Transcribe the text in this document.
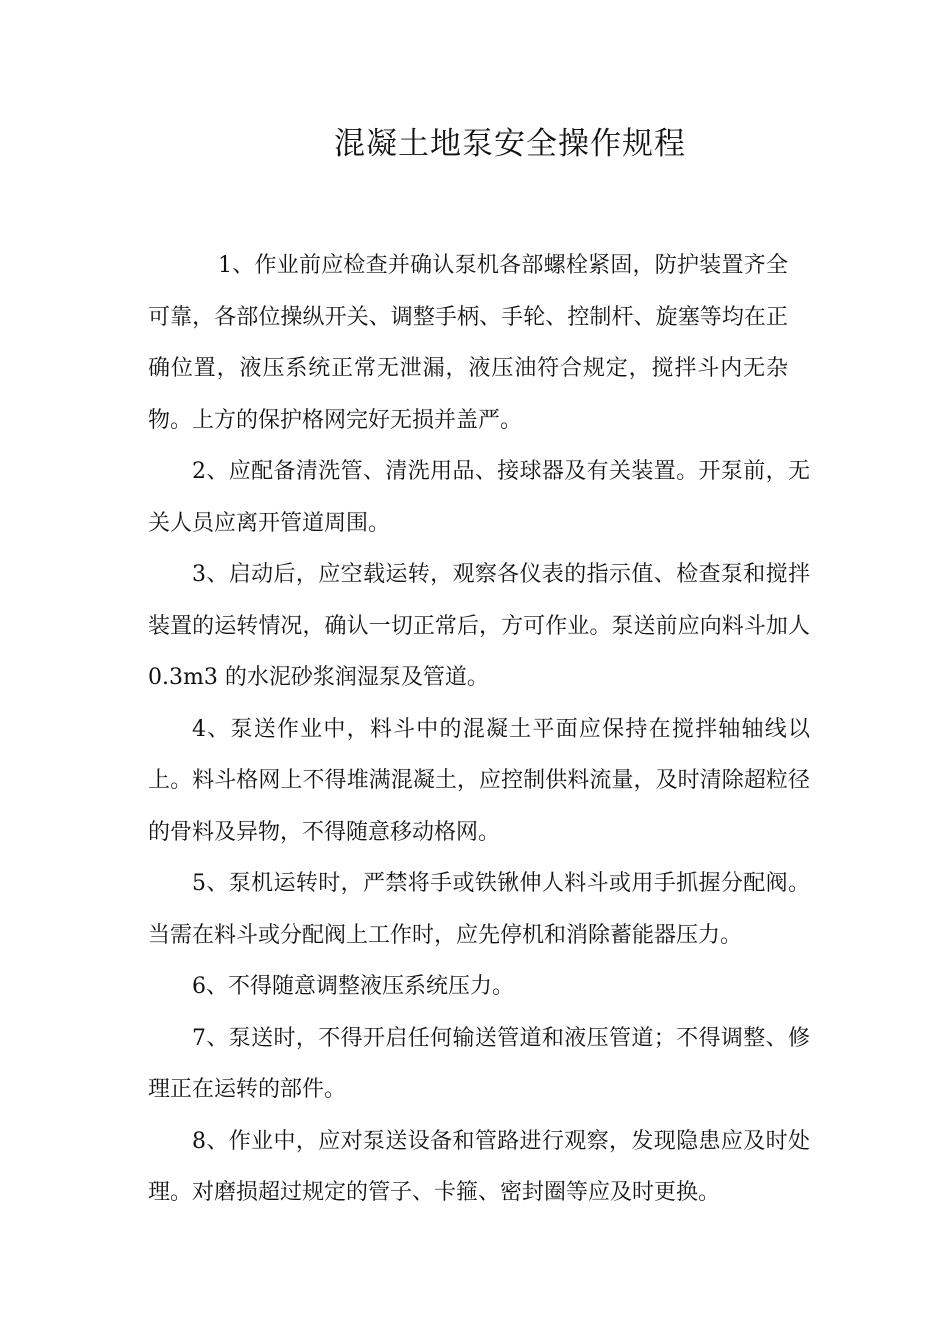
混凝土地泵安全操作规程

1、作业前应检查并确认泵机各部螺栓紧固，防护装置齐全可靠，各部位操纵开关、调整手柄、手轮、控制杆、旋塞等均在正确位置，液压系统正常无泄漏，液压油符合规定，搅拌斗内无杂物。上方的保护格网完好无损并盖严。

2、应配备清洗管、清洗用品、接球器及有关装置。开泵前，无关人员应离开管道周围。

3、启动后，应空载运转，观察各仪表的指示值、检查泵和搅拌装置的运转情况，确认一切正常后，方可作业。泵送前应向料斗加人 0.3m3 的水泥砂浆润湿泵及管道。

4、泵送作业中，料斗中的混凝土平面应保持在搅拌轴轴线以上。料斗格网上不得堆满混凝土，应控制供料流量，及时清除超粒径的骨料及异物，不得随意移动格网。

5、泵机运转时，严禁将手或铁锹伸人料斗或用手抓握分配阀。当需在料斗或分配阀上工作时，应先停机和消除蓄能器压力。

6、不得随意调整液压系统压力。

7、泵送时，不得开启任何输送管道和液压管道；不得调整、修理正在运转的部件。

8、作业中，应对泵送设备和管路进行观察，发现隐患应及时处理。对磨损超过规定的管子、卡箍、密封圈等应及时更换。
